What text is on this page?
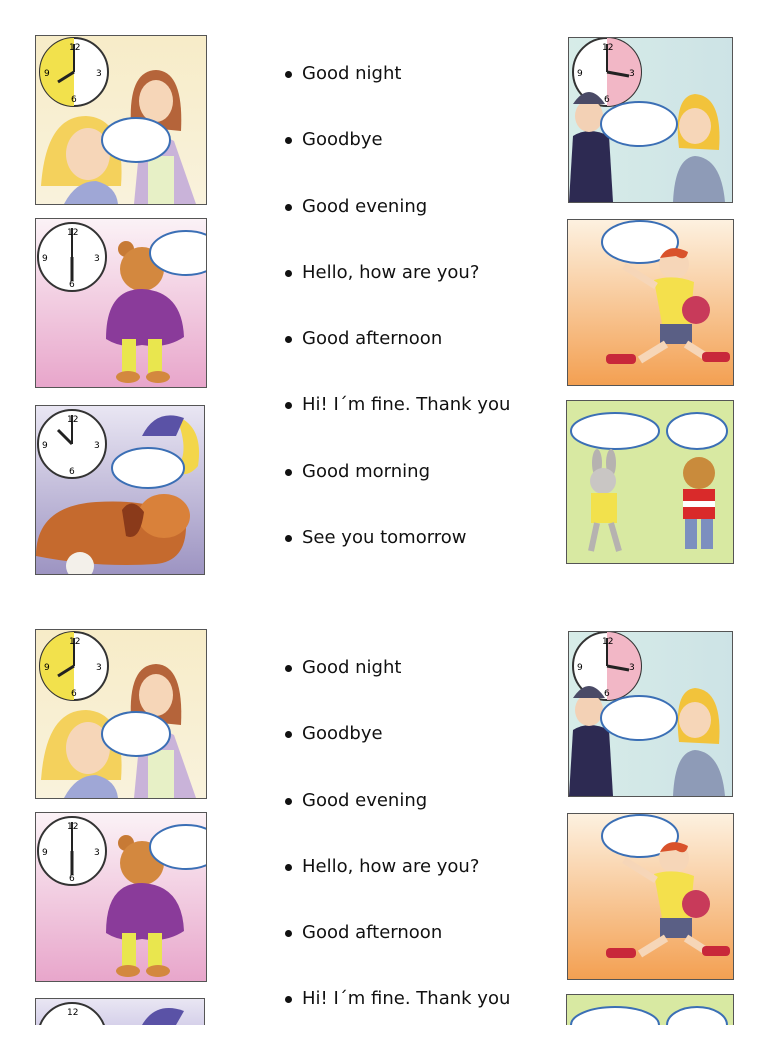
12
3
6
9
12
3
6
9
12
3
6
9
Good night
Goodbye
Good evening
Hello, how are you?
Good afternoon
Hi! I´m fine. Thank you
Good morning
See you tomorrow
12
3
6
9
12
3
6
9
12
3
6
9
12
Good night
Goodbye
Good evening
Hello, how are you?
Good afternoon
Hi! I´m fine. Thank you
12
3
6
9
